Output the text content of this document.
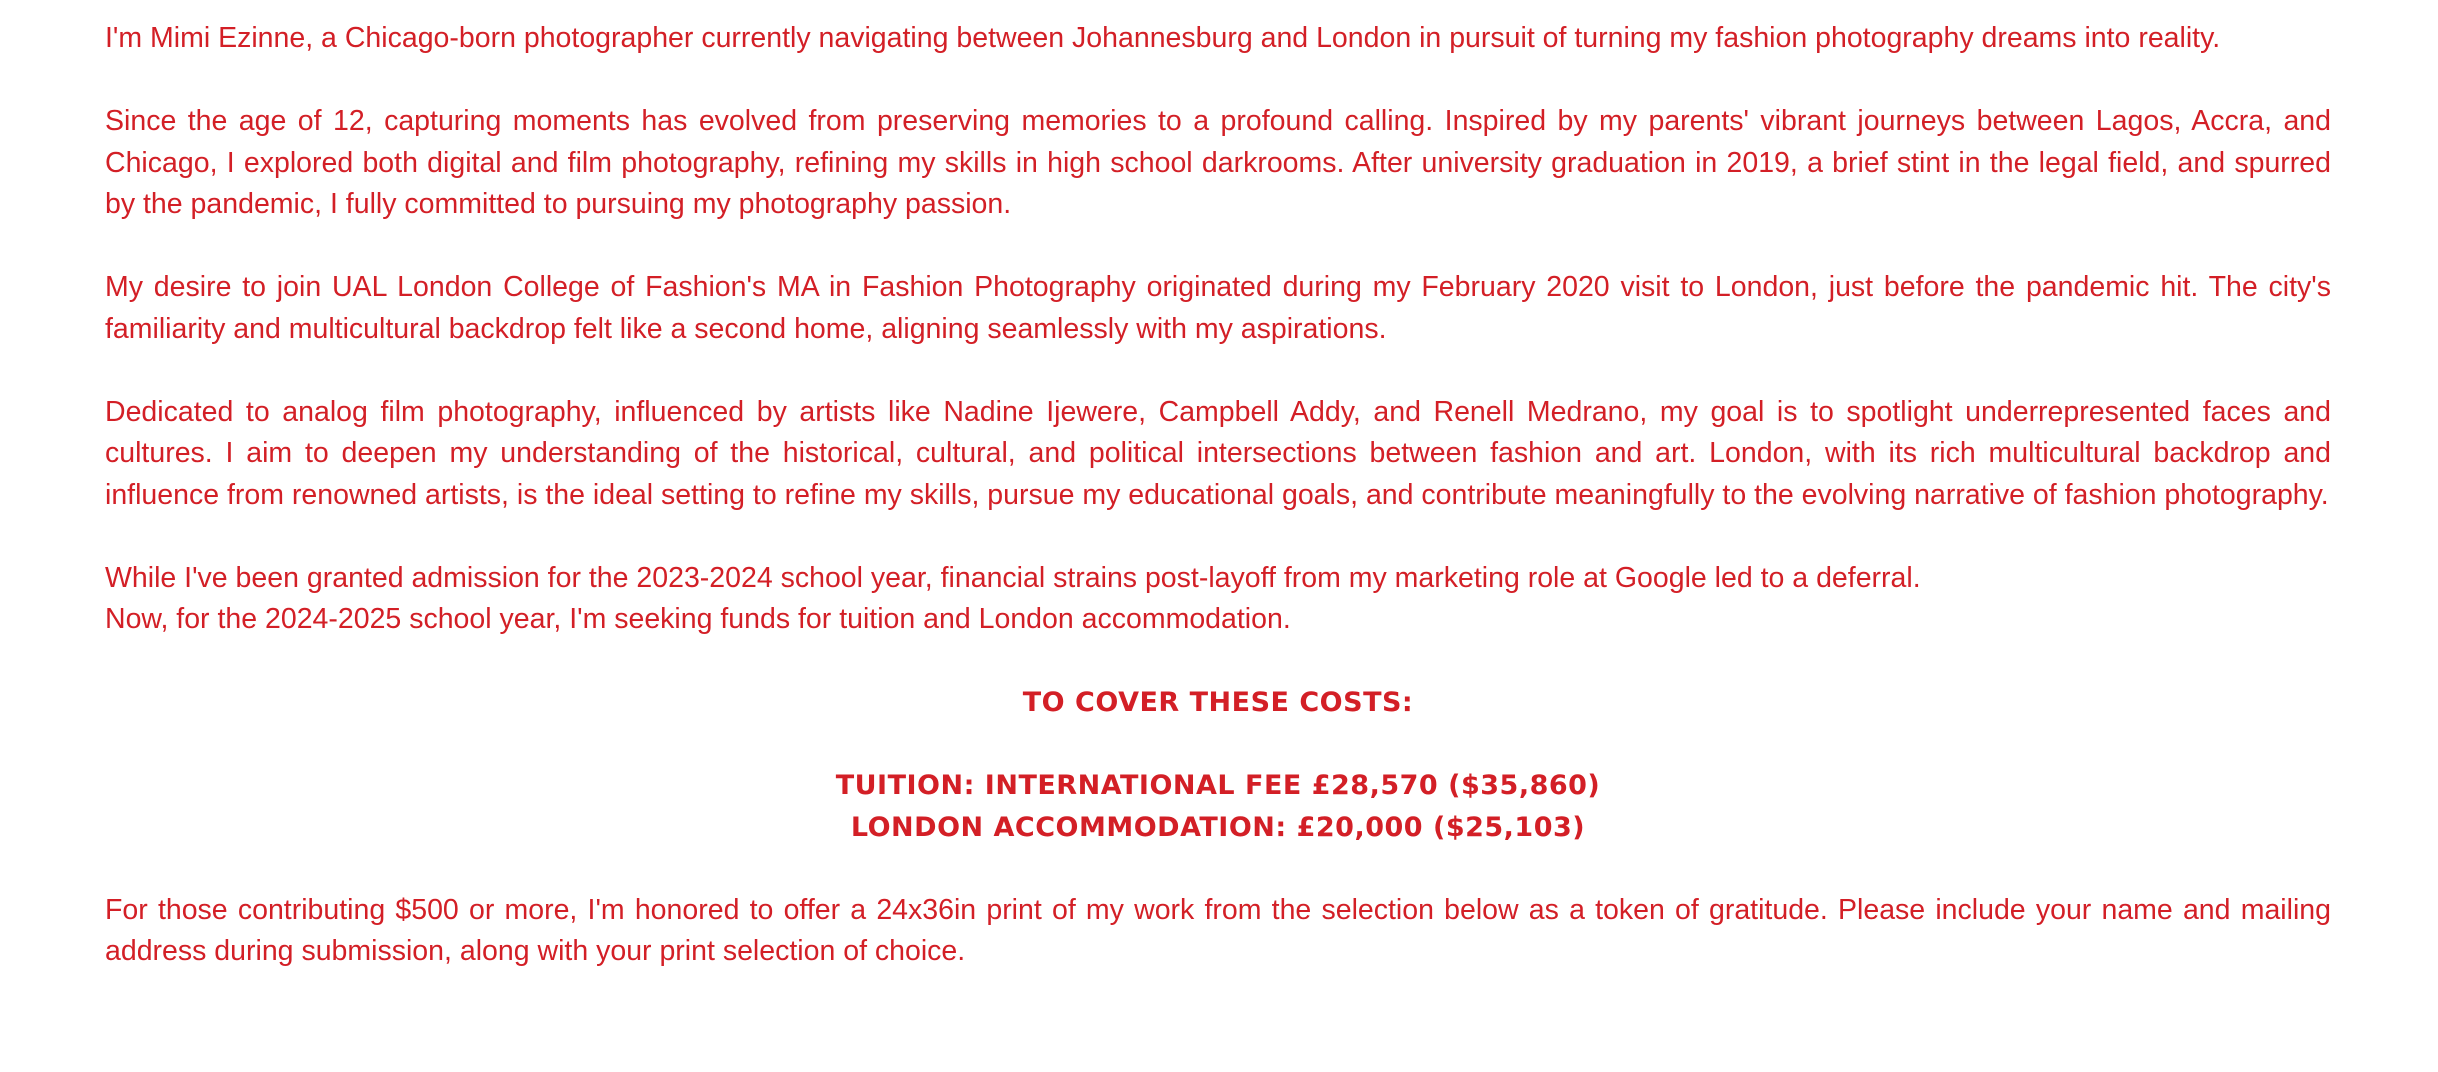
I'm Mimi Ezinne, a Chicago-born photographer currently navigating between Johannesburg and London in pursuit of turning my fashion photography dreams into reality.

Since the age of 12, capturing moments has evolved from preserving memories to a profound calling. Inspired by my parents' vibrant journeys between Lagos, Accra, and Chicago, I explored both digital and film photography, refining my skills in high school darkrooms. After university graduation in 2019, a brief stint in the legal field, and spurred by the pandemic, I fully committed to pursuing my photography passion.

My desire to join UAL London College of Fashion's MA in Fashion Photography originated during my February 2020 visit to London, just before the pandemic hit. The city's familiarity and multicultural backdrop felt like a second home, aligning seamlessly with my aspirations.

Dedicated to analog film photography, influenced by artists like Nadine Ijewere, Campbell Addy, and Renell Medrano, my goal is to spotlight underrepresented faces and cultures. I aim to deepen my understanding of the historical, cultural, and political intersections between fashion and art. London, with its rich multicultural backdrop and influence from renowned artists, is the ideal setting to refine my skills, pursue my educational goals, and contribute meaningfully to the evolving narrative of fashion photography.

While I've been granted admission for the 2023-2024 school year, financial strains post-layoff from my marketing role at Google led to a deferral.
Now, for the 2024-2025 school year, I'm seeking funds for tuition and London accommodation.

TO COVER THESE COSTS:
TUITION: INTERNATIONAL FEE £28,570 ($35,860)
LONDON ACCOMMODATION: £20,000 ($25,103)

For those contributing $500 or more, I'm honored to offer a 24x36in print of my work from the selection below as a token of gratitude. Please include your name and mailing address during submission, along with your print selection of choice.
